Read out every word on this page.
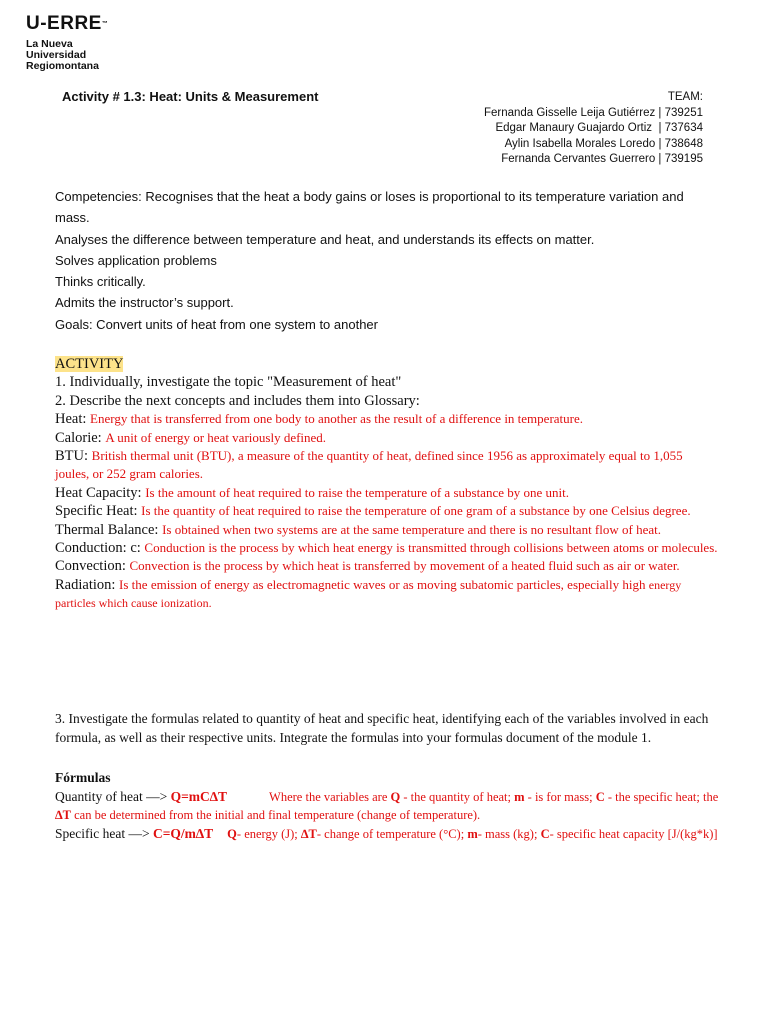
U-ERRE™
La Nueva
Universidad
Regiomontana
Activity # 1.3: Heat: Units & Measurement	TEAM:
Fernanda Gisselle Leija Gutiérrez | 739251
Edgar Manaury Guajardo Ortiz  | 737634
Aylin Isabella Morales Loredo | 738648
Fernanda Cervantes Guerrero | 739195
Competencies: Recognises that the heat a body gains or loses is proportional to its temperature variation and mass.
Analyses the difference between temperature and heat, and understands its effects on matter.
Solves application problems
Thinks critically.
Admits the instructor’s support.
Goals: Convert units of heat from one system to another
ACTIVITY
1. Individually, investigate the topic "Measurement of heat"
2. Describe the next concepts and includes them into Glossary:
Heat: Energy that is transferred from one body to another as the result of a difference in temperature.
Calorie: A unit of energy or heat variously defined.
BTU: British thermal unit (BTU), a measure of the quantity of heat, defined since 1956 as approximately equal to 1,055 joules, or 252 gram calories.
Heat Capacity: Is the amount of heat required to raise the temperature of a substance by one unit.
Specific Heat: Is the quantity of heat required to raise the temperature of one gram of a substance by one Celsius degree.
Thermal Balance: Is obtained when two systems are at the same temperature and there is no resultant flow of heat.
Conduction: c: Conduction is the process by which heat energy is transmitted through collisions between atoms or molecules.
Convection: Convection is the process by which heat is transferred by movement of a heated fluid such as air or water.
Radiation: Is the emission of energy as electromagnetic waves or as moving subatomic particles, especially high energy particles which cause ionization.
3. Investigate the formulas related to quantity of heat and specific heat, identifying each of the variables involved in each formula, as well as their respective units. Integrate the formulas into your formulas document of the module 1.
Fórmulas
Quantity of heat —> Q=mC∆T	Where the variables are Q - the quantity of heat; m - is for mass; C - the specific heat; the ∆T can be determined from the initial and final temperature (change of temperature).
Specific heat —> C=Q/m∆T Q- energy (J); ∆T- change of temperature (°C); m- mass (kg); C- specific heat capacity [J/(kg*k)]
